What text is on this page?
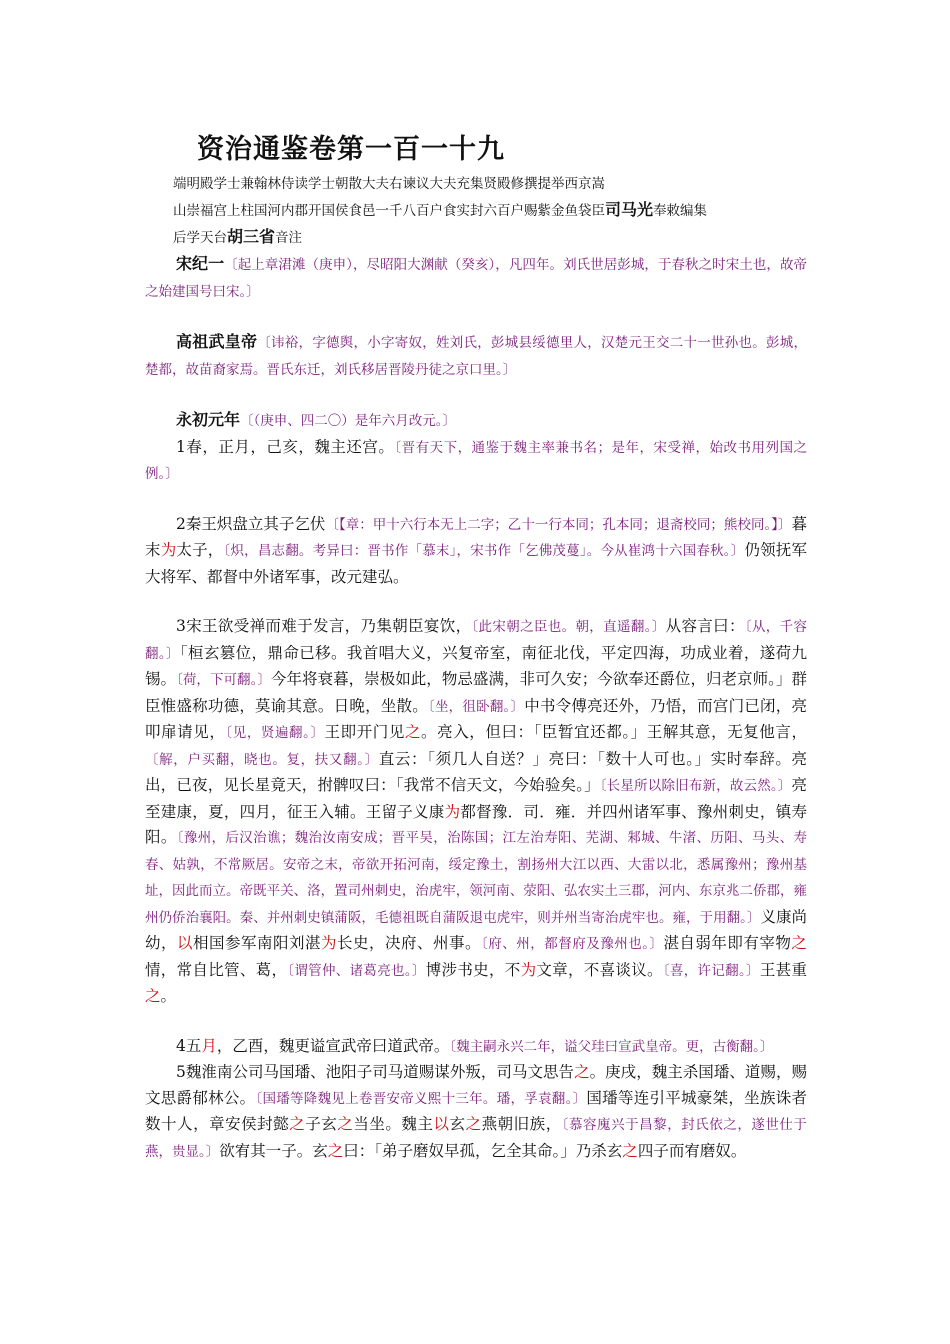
资治通鉴卷第一百一十九

端明殿学士兼翰林侍读学士朝散大夫右谏议大夫充集贤殿修撰提举西京嵩

山崇福宫上柱国河内郡开国侯食邑一千八百户食实封六百户赐紫金鱼袋臣司马光奉敕编集

后学天台胡三省音注

宋纪一〔起上章涒滩（庚申），尽昭阳大渊献（癸亥），凡四年。刘氏世居彭城，于春秋之时宋土也，故帝之始建国号曰宋。〕

高祖武皇帝〔讳裕，字德舆，小字寄奴，姓刘氏，彭城县绥德里人，汉楚元王交二十一世孙也。彭城，楚都，故苗裔家焉。晋氏东迁，刘氏移居晋陵丹徒之京口里。〕

永初元年〔（庚申、四二〇）是年六月改元。〕

1春，正月，己亥，魏主还宫。〔晋有天下，通鉴于魏主率兼书名；是年，宋受禅，始改书用列国之例。〕

2秦王炽盘立其子乞伏〔【章：甲十六行本无上二字；乙十一行本同；孔本同；退斋校同；熊校同。】〕暮末为太子，〔炽，昌志翻。考异曰：晋书作「慕末」，宋书作「乞佛茂蔓」。今从崔鸿十六国春秋。〕仍领抚军大将军、都督中外诸军事，改元建弘。

3宋王欲受禅而难于发言，乃集朝臣宴饮，〔此宋朝之臣也。朝，直遥翻。〕从容言曰：〔从，千容翻。〕「桓玄篡位，鼎命已移。我首唱大义，兴复帝室，南征北伐，平定四海，功成业着，遂荷九锡。〔荷，下可翻。〕今年将衰暮，崇极如此，物忌盛满，非可久安；今欲奉还爵位，归老京师。」群臣惟盛称功德，莫谕其意。日晚，坐散。〔坐，徂卧翻。〕中书令傅亮还外，乃悟，而宫门已闭，亮叩扉请见，〔见，贤遍翻。〕王即开门见之。亮入，但曰：「臣暂宜还都。」王解其意，无复他言，〔解，户买翻，晓也。复，扶又翻。〕直云：「须几人自送？」亮曰：「数十人可也。」实时奉辞。亮出，已夜，见长星竟天，拊髀叹曰：「我常不信天文，今始验矣。」〔长星所以除旧布新，故云然。〕亮至建康，夏，四月，征王入辅。王留子义康为都督豫．司．雍．并四州诸军事、豫州刺史，镇寿阳。〔豫州，后汉治谯；魏治汝南安成；晋平吴，治陈国；江左治寿阳、芜湖、邾城、牛渚、历阳、马头、寿春、姑孰，不常厥居。安帝之末，帝欲开拓河南，绥定豫土，割扬州大江以西、大雷以北，悉属豫州；豫州基址，因此而立。帝既平关、洛，置司州刺史，治虎牢，领河南、荥阳、弘农实土三郡，河内、东京兆二侨郡，雍州仍侨治襄阳。秦、并州刺史镇蒲阪，毛德祖既自蒲阪退屯虎牢，则并州当寄治虎牢也。雍，于用翻。〕义康尚幼，以相国参军南阳刘湛为长史，决府、州事。〔府、州，都督府及豫州也。〕湛自弱年即有宰物之情，常自比管、葛，〔谓管仲、诸葛亮也。〕博涉书史，不为文章，不喜谈议。〔喜，许记翻。〕王甚重之。

4五月，乙酉，魏更谥宣武帝曰道武帝。〔魏主嗣永兴二年，谥父珪曰宣武皇帝。更，古衡翻。〕

5魏淮南公司马国璠、池阳子司马道赐谋外叛，司马文思告之。庚戌，魏主杀国璠、道赐，赐文思爵郁林公。〔国璠等降魏见上卷晋安帝义熙十三年。璠，孚袁翻。〕国璠等连引平城豪桀，坐族诛者数十人，章安侯封懿之子玄之当坐。魏主以玄之燕朝旧族，〔慕容廆兴于昌黎，封氏依之，遂世仕于燕，贵显。〕欲宥其一子。玄之曰：「弟子磨奴早孤，乞全其命。」乃杀玄之四子而宥磨奴。
